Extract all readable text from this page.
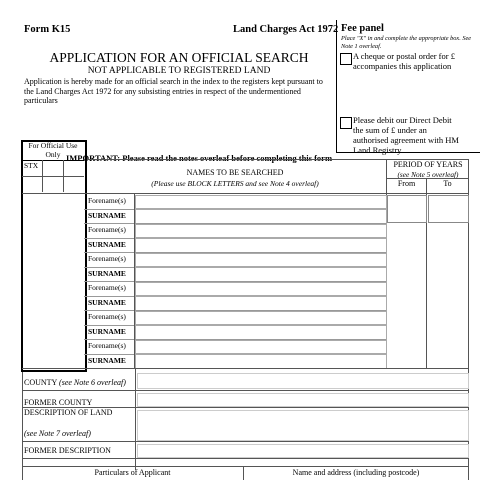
Form K15	Land Charges Act 1972 Fee panel
Place "X" in and complete the appropriate box. See Note 1 overleaf.
A cheque or postal order for £
accompanies this application
Please debit our Direct Debit
the sum of £ under an
authorised agreement with HM
Land Registry.
APPLICATION FOR AN OFFICIAL SEARCH
NOT APPLICABLE TO REGISTERED LAND
Application is hereby made for an official search in the index to the registers kept pursuant to
the Land Charges Act 1972 for any subsisting entries in respect of the undermentioned
particulars
IMPORTANT: Please read the notes overleaf before completing this form
For Official Use
Only
STX
NAMES TO BE SEARCHED
(Please use BLOCK LETTERS and see Note 4 overleaf)
PERIOD OF YEARS
(see Note 5 overleaf)
From	To
Forename(s)
SURNAME
Forename(s)
SURNAME
Forename(s)
SURNAME
Forename(s)
SURNAME
Forename(s)
SURNAME
Forename(s)
SURNAME
COUNTY (see Note 6 overleaf)
FORMER COUNTY
DESCRIPTION OF LAND
(see Note 7 overleaf)
FORMER DESCRIPTION
Particulars of Applicant	Name and address (including postcode)
